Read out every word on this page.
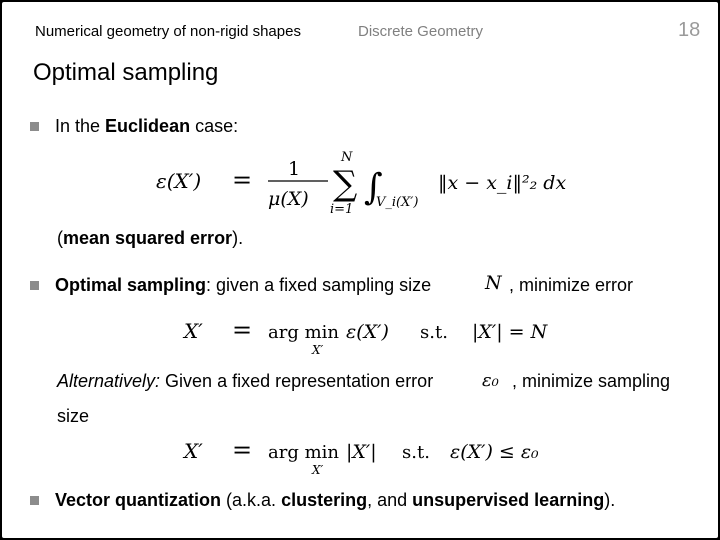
Numerical geometry of non-rigid shapes	Discrete Geometry	18
Optimal sampling
In the Euclidean case:
ε(X′) = 1
μ(X)
N
∑
i=1
∫
V_i(X′)
‖x − x_i‖²₂ dx
(mean squared error).
Optimal sampling: given a fixed sampling size	N , minimize error
X′ = arg min
X′
ε(X′) s.t. |X′| = N
Alternatively: Given a fixed representation error	ε₀ , minimize sampling
size
X′ = arg min
X′
|X′| s.t. ε(X′) ≤ ε₀
Vector quantization (a.k.a. clustering, and unsupervised learning).
